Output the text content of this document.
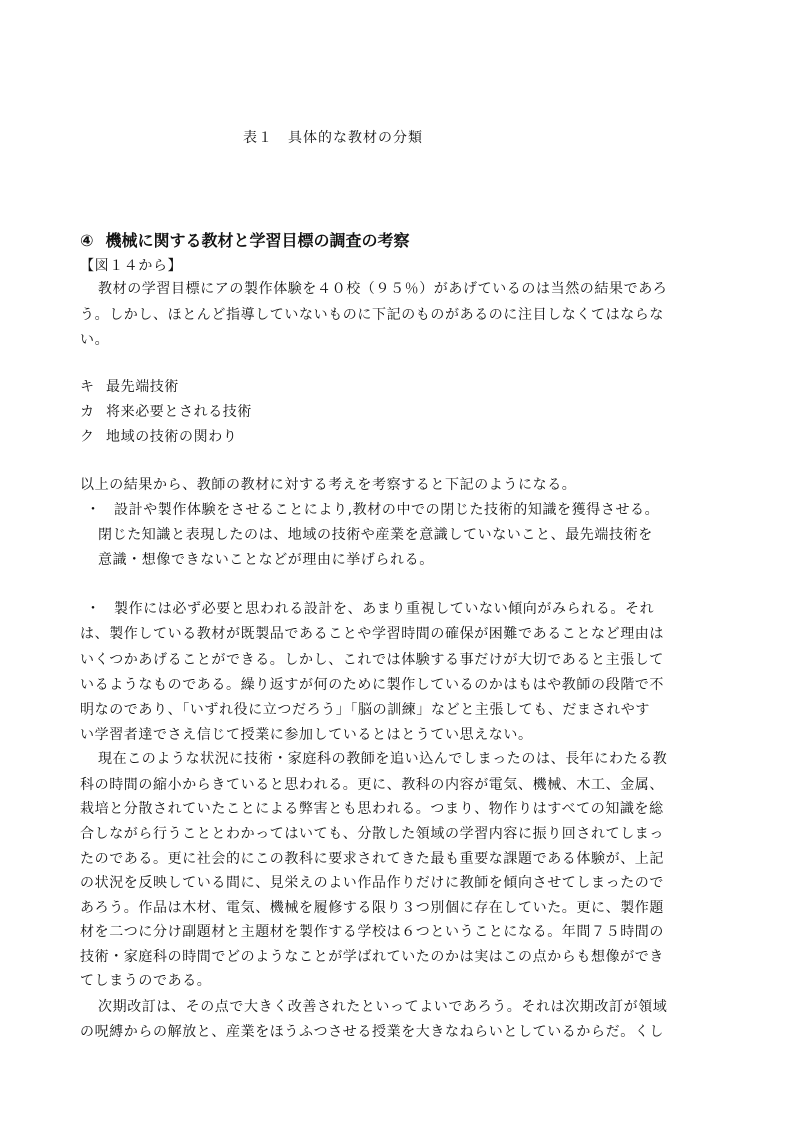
表１　具体的な教材の分類
④ 機械に関する教材と学習目標の調査の考察
【図１４から】
教材の学習目標にアの製作体験を４０校（９５％）があげているのは当然の結果であろ
う。しかし、ほとんど指導していないものに下記のものがあるのに注目しなくてはならな
い。
キ 最先端技術
カ 将来必要とされる技術
ク 地域の技術の関わり
以上の結果から、教師の教材に対する考えを考察すると下記のようになる。
・ 設計や製作体験をさせることにより,教材の中での閉じた技術的知識を獲得させる。
閉じた知識と表現したのは、地域の技術や産業を意識していないこと、最先端技術を
意識・想像できないことなどが理由に挙げられる。
・ 製作には必ず必要と思われる設計を、あまり重視していない傾向がみられる。それ
は、製作している教材が既製品であることや学習時間の確保が困難であることなど理由は
いくつかあげることができる。しかし、これでは体験する事だけが大切であると主張して
いるようなものである。繰り返すが何のために製作しているのかはもはや教師の段階で不
明なのであり、「いずれ役に立つだろう」「脳の訓練」などと主張しても、だまされやす
い学習者達でさえ信じて授業に参加しているとはとうてい思えない。
現在このような状況に技術・家庭科の教師を追い込んでしまったのは、長年にわたる教
科の時間の縮小からきていると思われる。更に、教科の内容が電気、機械、木工、金属、
栽培と分散されていたことによる弊害とも思われる。つまり、物作りはすべての知識を総
合しながら行うこととわかってはいても、分散した領域の学習内容に振り回されてしまっ
たのである。更に社会的にこの教科に要求されてきた最も重要な課題である体験が、上記
の状況を反映している間に、見栄えのよい作品作りだけに教師を傾向させてしまったので
あろう。作品は木材、電気、機械を履修する限り３つ別個に存在していた。更に、製作題
材を二つに分け副題材と主題材を製作する学校は６つということになる。年間７５時間の
技術・家庭科の時間でどのようなことが学ばれていたのかは実はこの点からも想像ができ
てしまうのである。
次期改訂は、その点で大きく改善されたといってよいであろう。それは次期改訂が領域
の呪縛からの解放と、産業をほうふつさせる授業を大きなねらいとしているからだ。くし
